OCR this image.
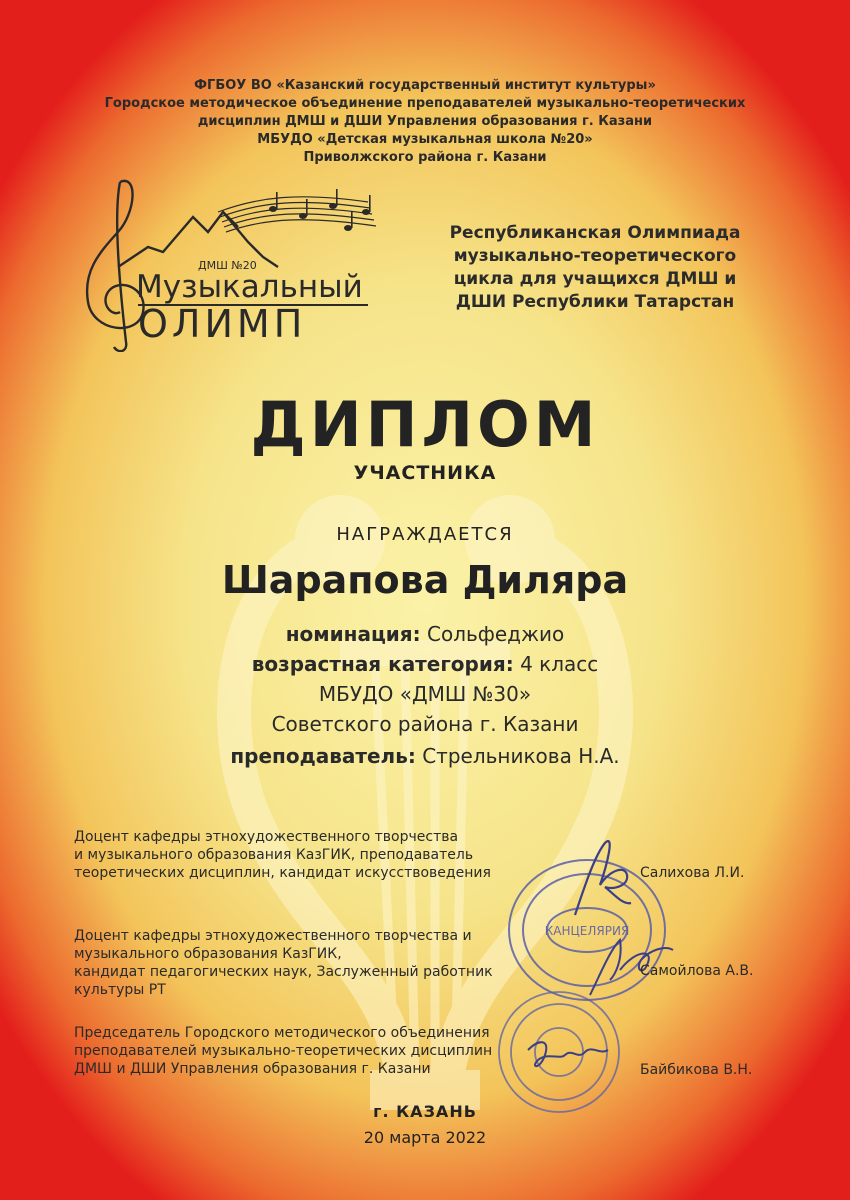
ФГБОУ ВО «Казанский государственный институт культуры»
Городское методическое объединение преподавателей музыкально-теоретических
дисциплин ДМШ и ДШИ Управления образования г. Казани
МБУДО «Детская музыкальная школа №20»
Приволжского района г. Казани
ДМШ №20
Музыкальный
ОЛИМП
Республиканская Олимпиада
музыкально-теоретического
цикла для учащихся ДМШ и
ДШИ Республики Татарстан
ДИПЛОМ
УЧАСТНИКА
НАГРАЖДАЕТСЯ
Шарапова Диляра
номинация: Сольфеджио
возрастная категория: 4 класс
МБУДО «ДМШ №30»
Советского района г. Казани
преподаватель: Стрельникова Н.А.
КАНЦЕЛЯРИЯ
Доцент кафедры этнохудожественного творчества
и музыкального образования КазГИК, преподаватель
теоретических дисциплин, кандидат искусствоведения	Салихова Л.И.
Доцент кафедры этнохудожественного творчества и
музыкального образования КазГИК,
кандидат педагогических наук, Заслуженный работник культуры РТ
Самойлова А.В.
Председатель Городского методического объединения
преподавателей музыкально-теоретических дисциплин
ДМШ и ДШИ Управления образования г. Казани	Байбикова В.Н.
г. КАЗАНЬ
20 марта 2022
